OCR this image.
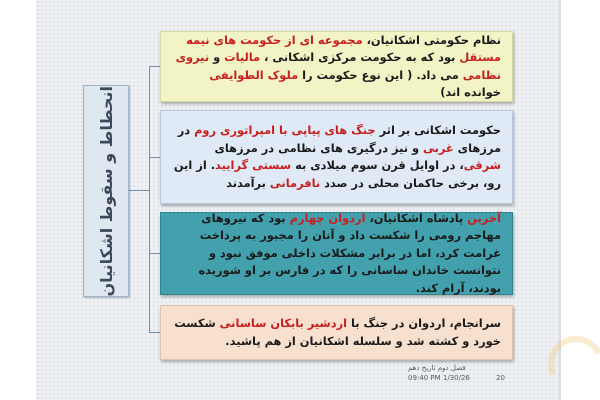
انحطاط و سقوط اشکانیان

نظام حکومتی اشکانیان، مجموعه ای از حکومت های نیمه مستقل بود که به حکومت مرکزی اشکانی ، مالیات و نیروی نظامی می داد. ( این نوع حکومت را ملوک الطوایفی خوانده اند)

حکومت اشکانی بر اثر جنگ های پیاپی با امپراتوری روم در مرزهای غربی و نیز درگیری های نظامی در مرزهای شرقی، در اوایل قرن سوم میلادی به سستی گرایید. از این رو، برخی حاکمان محلی در صدد نافرمانی برآمدند

آخرین پادشاه اشکانیان، اردوان چهارم بود که نیروهای مهاجم رومی را شکست داد و آنان را مجبور به پرداخت غرامت کرد، اما در برابر مشکلات داخلی موفق نبود و نتوانست خاندان ساسانی را که در فارس بر او شوریده بودند، آرام کند.

سرانجام، اردوان در جنگ با اردشیر بابکان ساسانی شکست خورد و کشته شد و سلسله اشکانیان از هم پاشید.

فصل دوم تاریخ دهم
09:40 PM 1/30/26	20
